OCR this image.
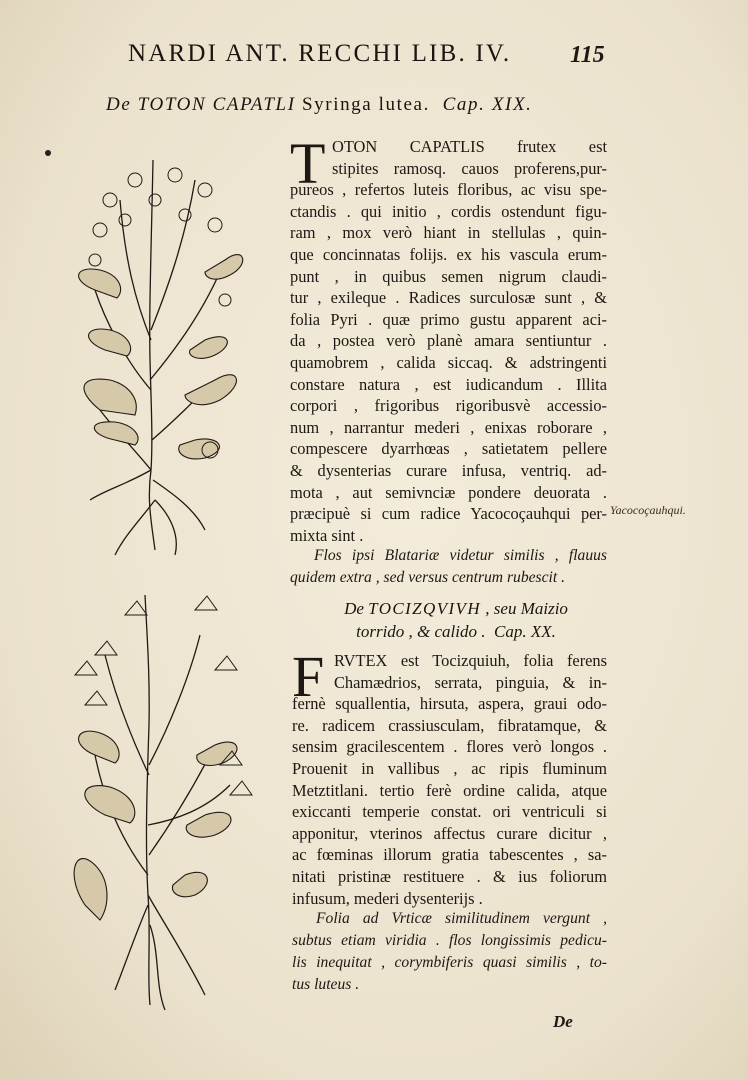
NARDI ANT. RECCHI LIB. IV. 115
De TOTON CAPATLI Syringa lutea. Cap. XIX.
T OTON CAPATLIS frutex est
stipites ramosq. cauos proferens,pur-
pureos , refertos luteis floribus, ac visu spe-
ctandis . qui initio , cordis ostendunt figu-
ram , mox verò hiant in stellulas , quin-
que concinnatas folijs. ex his vascula erum-
punt , in quibus semen nigrum claudi-
tur , exileque . Radices surculosæ sunt , &
folia Pyri . quæ primo gustu apparent aci-
da , postea verò planè amara sentiuntur .
quamobrem , calida siccaq. & adstringenti
constare natura , est iudicandum . Illita
corpori , frigoribus rigoribusvè accessio-
num , narrantur mederi , enixas roborare ,
compescere dyarrhœas , satietatem pellere
& dysenterias curare infusa, ventriq. ad-
mota , aut semivnciæ pondere deuorata .
præcipuè si cum radice Yacocoçauhqui per-
mixta sint .
Yacocoçauhqui.
Flos ipsi Blatariæ videtur similis , flauus
quidem extra , sed versus centrum rubescit .
De TOCIZQVIVH , seu Maizio
torrido , & calido . Cap. XX.
F RVTEX est Tocizquiuh, folia ferens
Chamædrios, serrata, pinguia, & in-
fernè squallentia, hirsuta, aspera, graui odo-
re. radicem crassiusculam, fibratamque, &
sensim gracilescentem . flores verò longos .
Prouenit in vallibus , ac ripis fluminum
Metztitlani. tertio ferè ordine calida, atque
exiccanti temperie constat. ori ventriculi si
apponitur, vterinos affectus curare dicitur ,
ac fœminas illorum gratia tabescentes , sa-
nitati pristinæ restituere . & ius foliorum
infusum, mederi dysenterijs .
Folia ad Vrticæ similitudinem vergunt ,
subtus etiam viridia . flos longissimis pedicu-
lis inequitat , corymbiferis quasi similis , to-
tus luteus .
De
